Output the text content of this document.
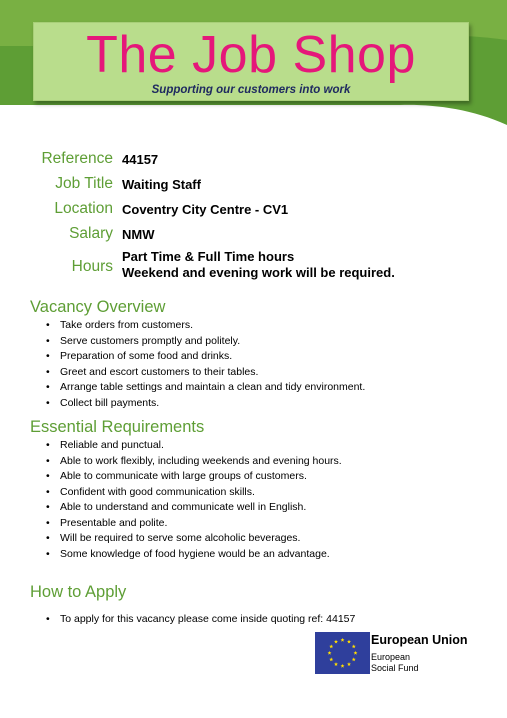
The Job Shop
Supporting our customers into work
Reference 44157
Job Title Waiting Staff
Location Coventry City Centre - CV1
Salary NMW
Hours
Part Time & Full Time hours
Weekend and evening work will be required.
Vacancy Overview
• Take orders from customers.
• Serve customers promptly and politely.
• Preparation of some food and drinks.
• Greet and escort customers to their tables.
• Arrange table settings and maintain a clean and tidy environment.
• Collect bill payments.
Essential Requirements
• Reliable and punctual.
• Able to work flexibly, including weekends and evening hours.
• Able to communicate with large groups of customers.
• Confident with good communication skills.
• Able to understand and communicate well in English.
• Presentable and polite.
• Will be required to serve some alcoholic beverages.
• Some knowledge of food hygiene would be an advantage.
How to Apply
• To apply for this vacancy please come inside quoting ref: 44157
European Union
European
Social Fund
